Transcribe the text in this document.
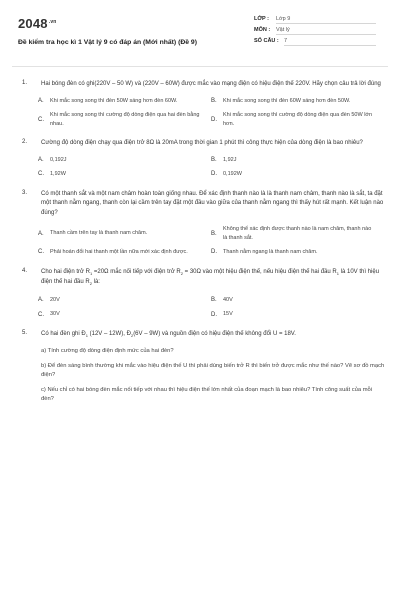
$2048^{.vn}$
Đề kiểm tra học kì 1 Vật lý 9 có đáp án (Mới nhất) (Đề 9)
LỚP : Lớp 9
MÔN : Vật lý
SỐ CÂU : 7
1. Hai bóng đèn có ghi(220V – 50 W) và (220V – 60W) được mắc vào mạng điện có hiệu điện thế 220V. Hãy chọn câu trả lời đúng
A.	Khi mắc song song thì đèn 50W sáng hơn đèn 60W.	B.	Khi mắc song song thì đèn 60W sáng hơn đèn 50W.
C.
Khi mắc song song thì cường độ dòng điện qua hai đèn bằng nhau.
D.
Khi mắc song song thì cường độ dòng điện qua đèn 50W lớn hơn.
2. Cường độ dòng điện chạy qua điện trở 8Ω là 20mA trong thời gian 1 phút thì công thực hiện của dòng điện là bao nhiêu?
A.	0,192J	B.	1,92J
C.	1,92W	D.	0,192W
3. Có một thanh sắt và một nam châm hoàn toàn giống nhau. Để xác định thanh nào là là thanh nam châm, thanh nào là sắt, ta đặt một thanh nằm ngang, thanh còn lại cầm trên tay đặt một đầu vào giữa của thanh nằm ngang thì thấy hút rất mạnh. Kết luận nào đúng?
A.	Thanh cầm trên tay là thanh nam châm.	B.
Không thể xác định được thanh nào là nam châm, thanh nào là thanh sắt.
C.	Phải hoán đổi hai thanh một lần nữa mới xác định được.	D.	Thanh nằm ngang là thanh nam châm.
4. Cho hai điện trở $R_1 =20\Omega$ mắc nối tiếp với điện trở $R_2 = 30\Omega$ vào một hiệu điện thế, nếu hiệu điện thế hai đầu $R_1$ là 10V thì hiệu điện thế hai đầu $R_2$ là:
A.	20V	B.	40V
C.	30V	D.	15V
5. Có hai đèn ghi $Đ_1$ (12V – 12W), $Đ_2(6V - 9W)$ và nguồn điện có hiệu điện thế không đổi U = 18V.
a) Tính cường độ dòng điện định mức của hai đèn?
b) Để đèn sáng bình thường khi mắc vào hiệu điện thế U thì phải dùng biến trở R thì biến trở được mắc như thế nào? Vẽ sơ đồ mạch điện?
c) Nếu chỉ có hai bóng đèn mắc nối tiếp với nhau thì hiệu điện thế lớn nhất của đoạn mạch là bao nhiêu? Tính công suất của mỗi đèn?
